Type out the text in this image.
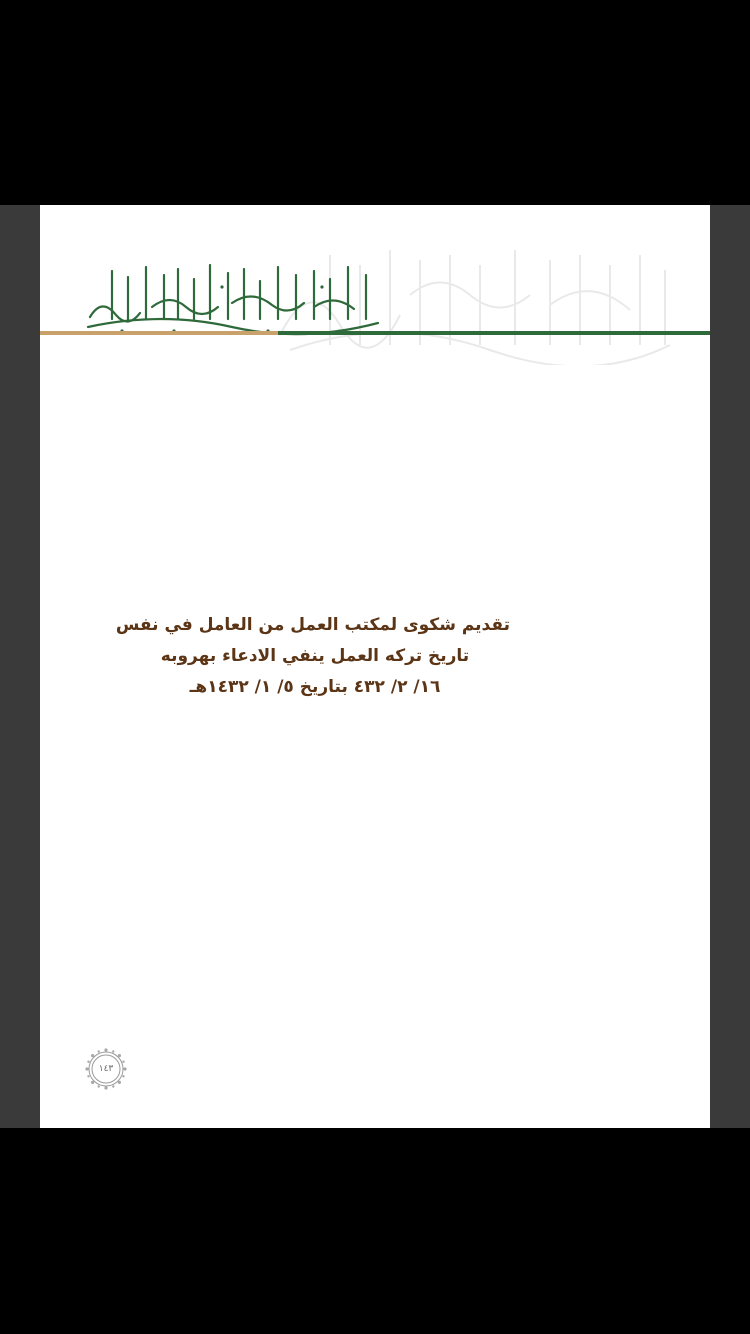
تقديم شكوى لمكتب العمل من العامل في نفس
تاريخ تركه العمل ينفي الادعاء بهروبه
١٦/ ٢/ ٤٣٢ بتاريخ ٥/ ١/ ١٤٣٢هـ
١٤٣
